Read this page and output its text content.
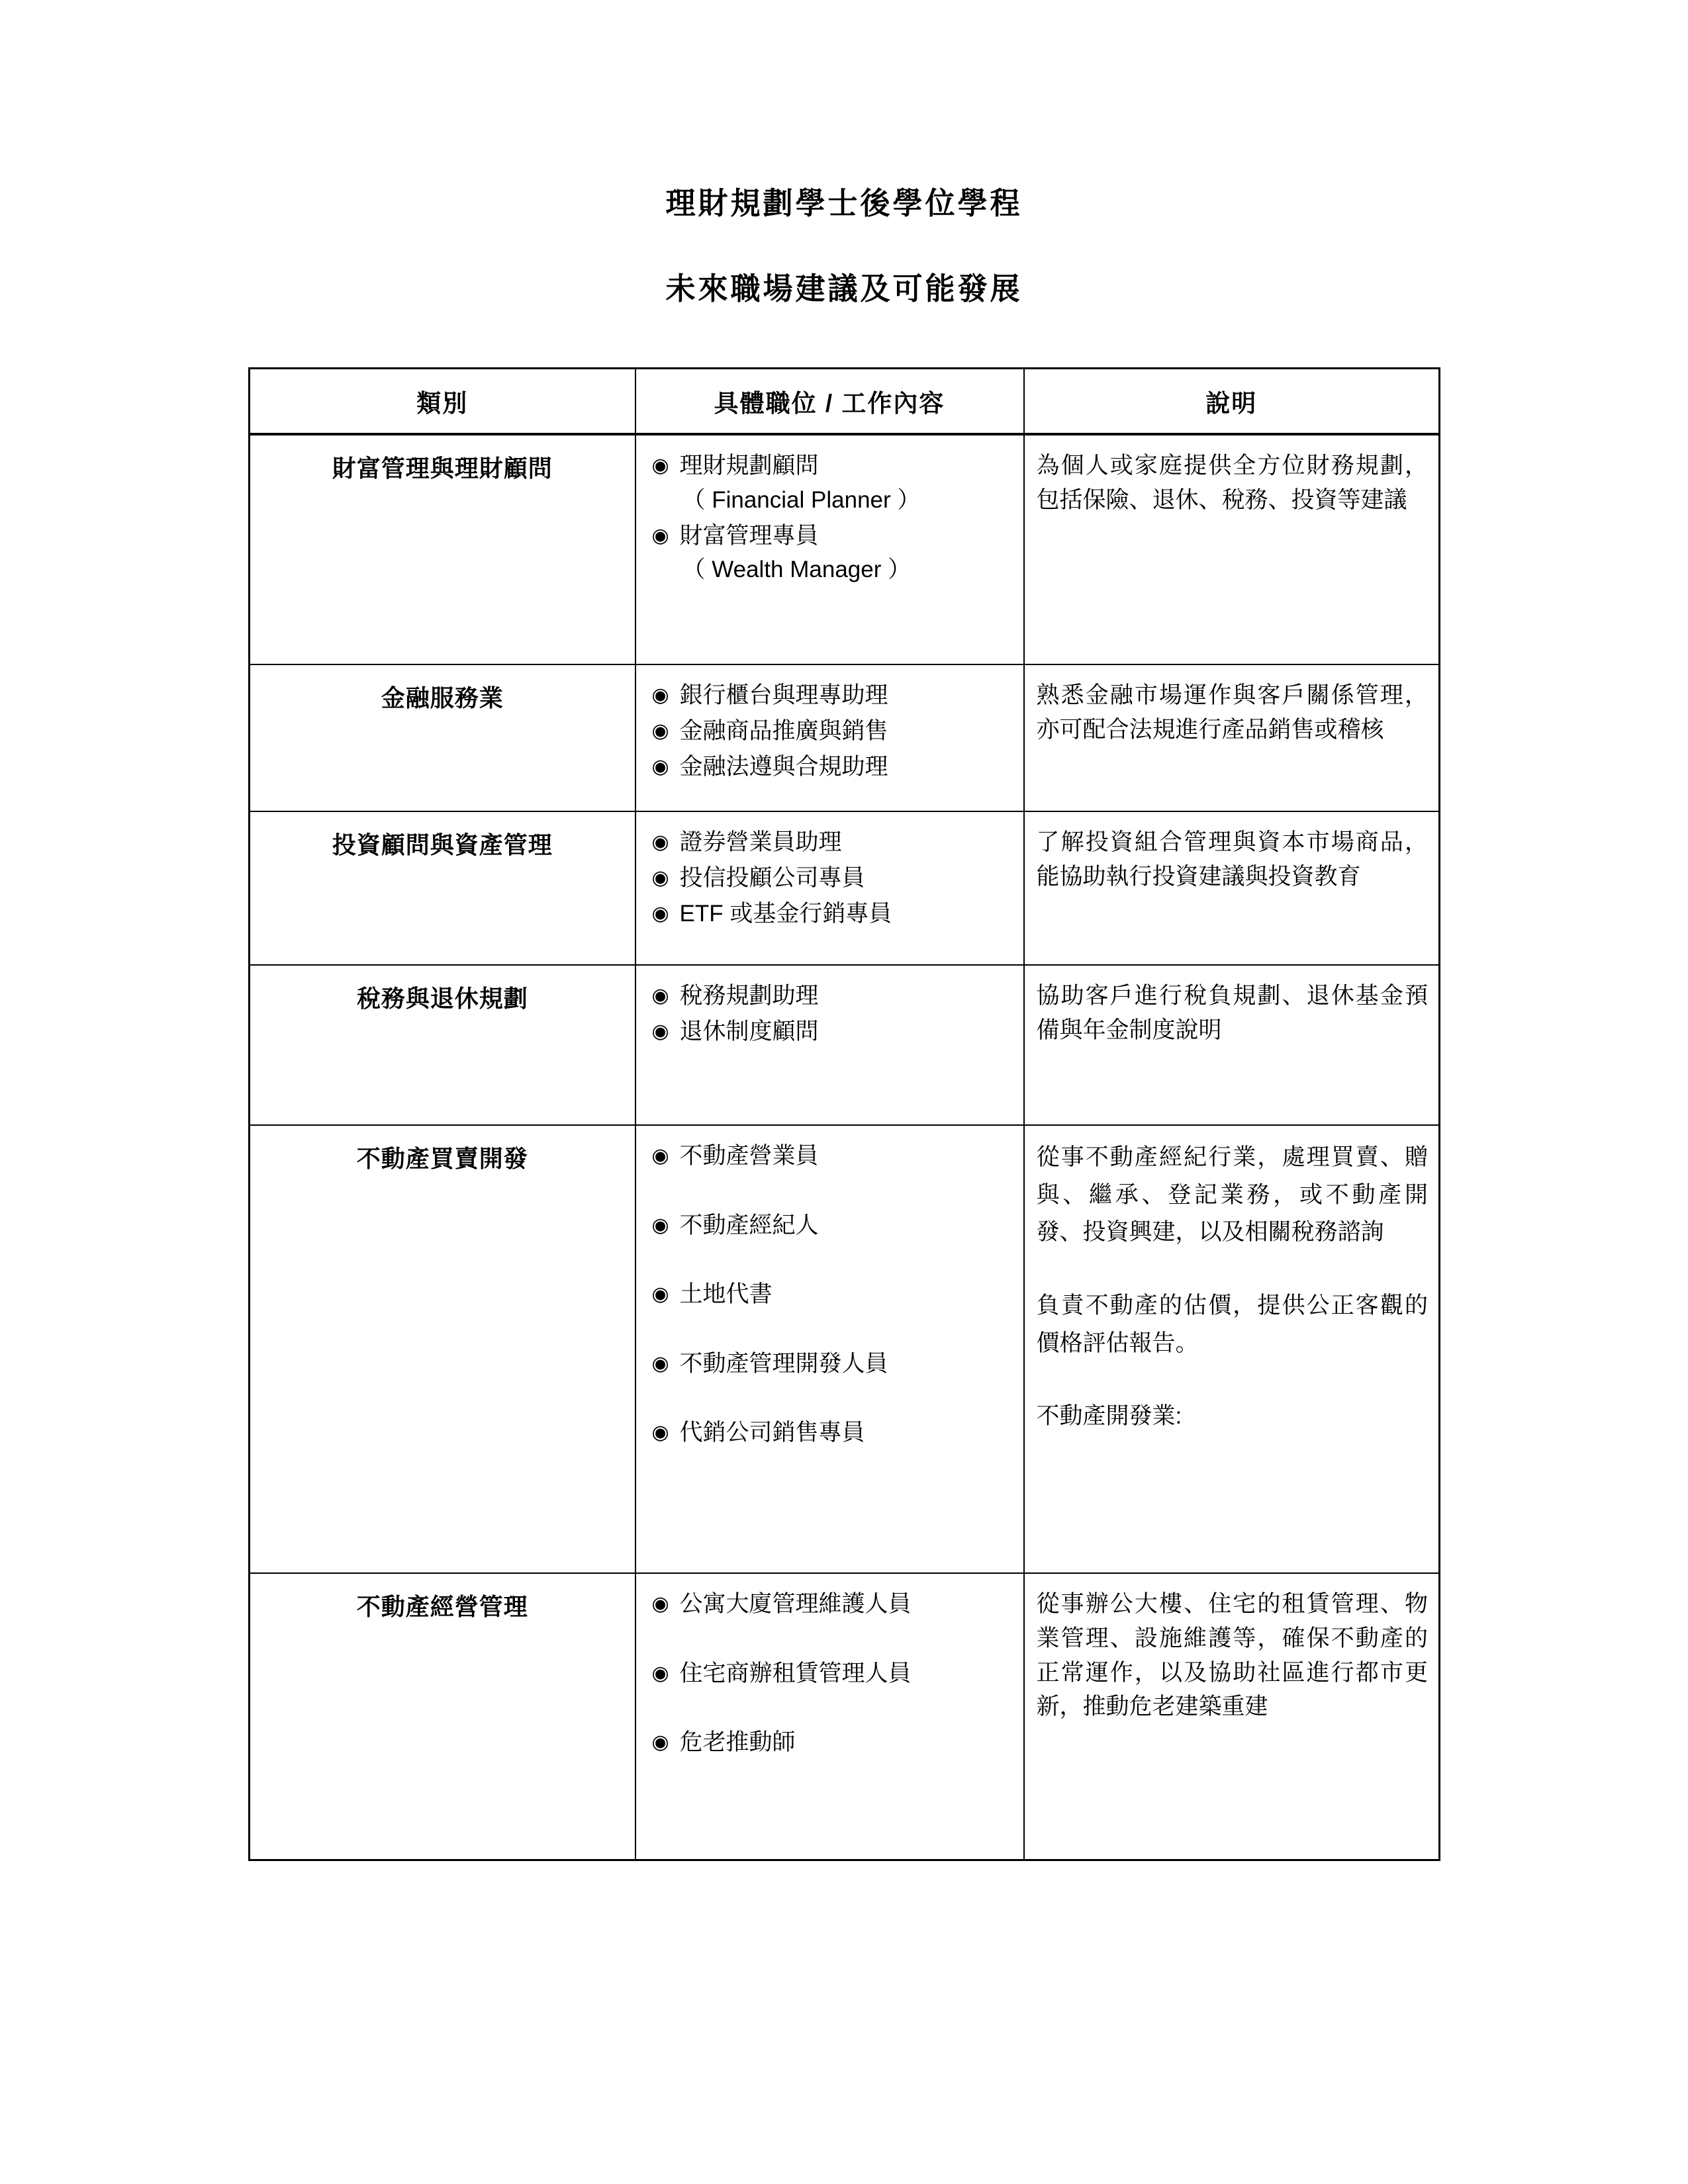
理財規劃學士後學位學程
未來職場建議及可能發展
類別	具體職位 / 工作內容	說明

財富管理與理財顧問	◉ 理財規劃顧問
（ Financial Planner ）
◉ 財富管理專員
（ Wealth Manager ）

為個人或家庭提供全方位財務規劃，包括保險、退休、稅務、投資等建議

金融服務業	◉ 銀行櫃台與理專助理
◉ 金融商品推廣與銷售
◉ 金融法遵與合規助理

熟悉金融市場運作與客戶關係管理，亦可配合法規進行產品銷售或稽核

投資顧問與資產管理	◉ 證券營業員助理
◉ 投信投顧公司專員
◉ ETF 或基金行銷專員

了解投資組合管理與資本市場商品，能協助執行投資建議與投資教育

稅務與退休規劃	◉ 稅務規劃助理
◉ 退休制度顧問

協助客戶進行稅負規劃、退休基金預備與年金制度說明

不動產買賣開發	◉ 不動產營業員
◉ 不動產經紀人
◉ 土地代書
◉ 不動產管理開發人員
◉ 代銷公司銷售專員

從事不動產經紀行業，處理買賣、贈與、繼承、登記業務，或不動產開發、投資興建，以及相關稅務諮詢

負責不動產的估價，提供公正客觀的價格評估報告。

不動產開發業:

不動產經營管理	◉ 公寓大廈管理維護人員
◉ 住宅商辦租賃管理人員
◉ 危老推動師

從事辦公大樓、住宅的租賃管理、物業管理、設施維護等，確保不動產的正常運作，以及協助社區進行都市更新，推動危老建築重建
